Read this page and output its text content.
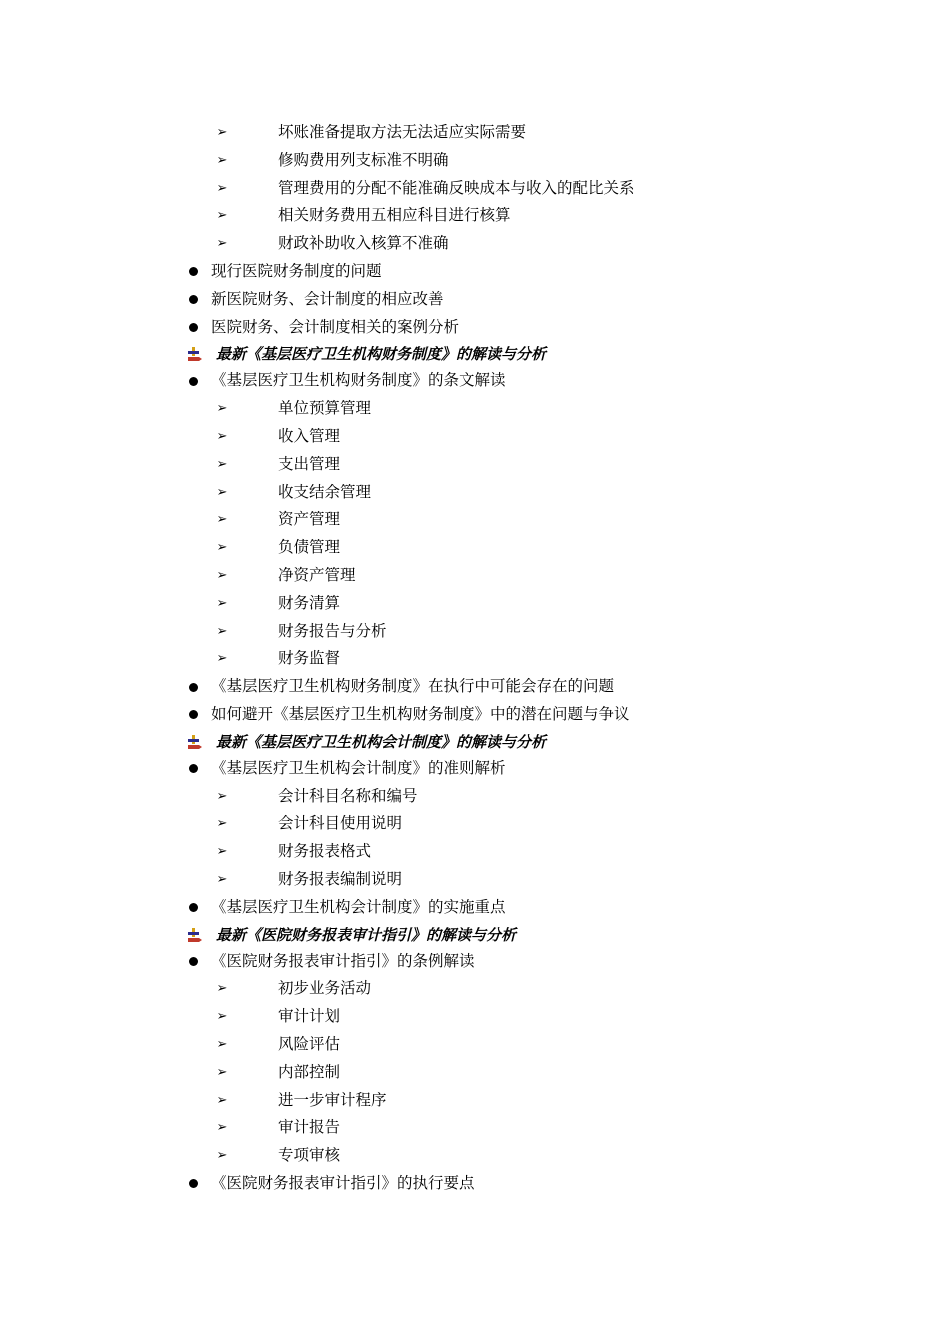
➢	坏账准备提取方法无法适应实际需要
➢	修购费用列支标准不明确
➢	管理费用的分配不能准确反映成本与收入的配比关系
➢	相关财务费用五相应科目进行核算
➢	财政补助收入核算不准确
现行医院财务制度的问题
新医院财务、会计制度的相应改善
医院财务、会计制度相关的案例分析
最新《基层医疗卫生机构财务制度》的解读与分析
《基层医疗卫生机构财务制度》的条文解读
➢	单位预算管理
➢	收入管理
➢	支出管理
➢	收支结余管理
➢	资产管理
➢	负债管理
➢	净资产管理
➢	财务清算
➢	财务报告与分析
➢	财务监督
《基层医疗卫生机构财务制度》在执行中可能会存在的问题
如何避开《基层医疗卫生机构财务制度》中的潜在问题与争议
最新《基层医疗卫生机构会计制度》的解读与分析
《基层医疗卫生机构会计制度》的准则解析
➢	会计科目名称和编号
➢	会计科目使用说明
➢	财务报表格式
➢	财务报表编制说明
《基层医疗卫生机构会计制度》的实施重点
最新《医院财务报表审计指引》的解读与分析
《医院财务报表审计指引》的条例解读
➢	初步业务活动
➢	审计计划
➢	风险评估
➢	内部控制
➢	进一步审计程序
➢	审计报告
➢	专项审核
《医院财务报表审计指引》的执行要点
